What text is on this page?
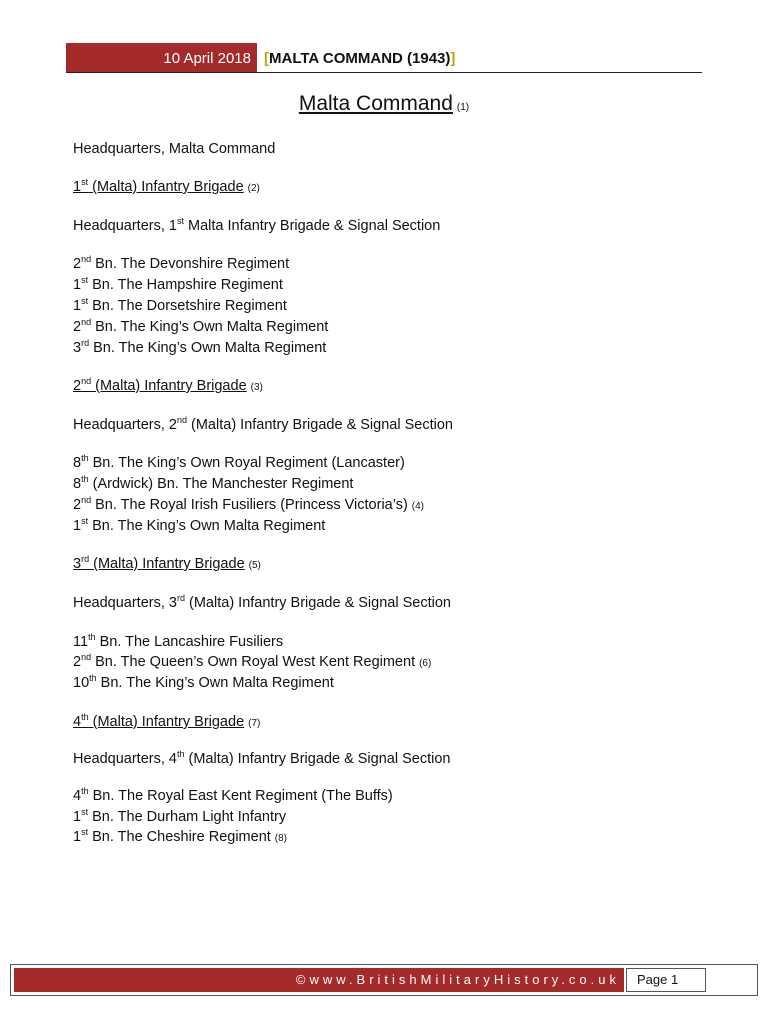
10 April 2018 [MALTA COMMAND (1943)]
Malta Command (1)
Headquarters, Malta Command
1st (Malta) Infantry Brigade (2)
Headquarters, 1st Malta Infantry Brigade & Signal Section
2nd Bn. The Devonshire Regiment
1st Bn. The Hampshire Regiment
1st Bn. The Dorsetshire Regiment
2nd Bn. The King’s Own Malta Regiment
3rd Bn. The King’s Own Malta Regiment
2nd (Malta) Infantry Brigade (3)
Headquarters, 2nd (Malta) Infantry Brigade & Signal Section
8th Bn. The King’s Own Royal Regiment (Lancaster)
8th (Ardwick) Bn. The Manchester Regiment
2nd Bn. The Royal Irish Fusiliers (Princess Victoria’s) (4)
1st Bn. The King’s Own Malta Regiment
3rd (Malta) Infantry Brigade (5)
Headquarters, 3rd (Malta) Infantry Brigade & Signal Section
11th Bn. The Lancashire Fusiliers
2nd Bn. The Queen’s Own Royal West Kent Regiment (6)
10th Bn. The King’s Own Malta Regiment
4th (Malta) Infantry Brigade (7)
Headquarters, 4th (Malta) Infantry Brigade & Signal Section
4th Bn. The Royal East Kent Regiment (The Buffs)
1st Bn. The Durham Light Infantry
1st Bn. The Cheshire Regiment (8)
©www.BritishMilitaryHistory.co.uk	Page 1
